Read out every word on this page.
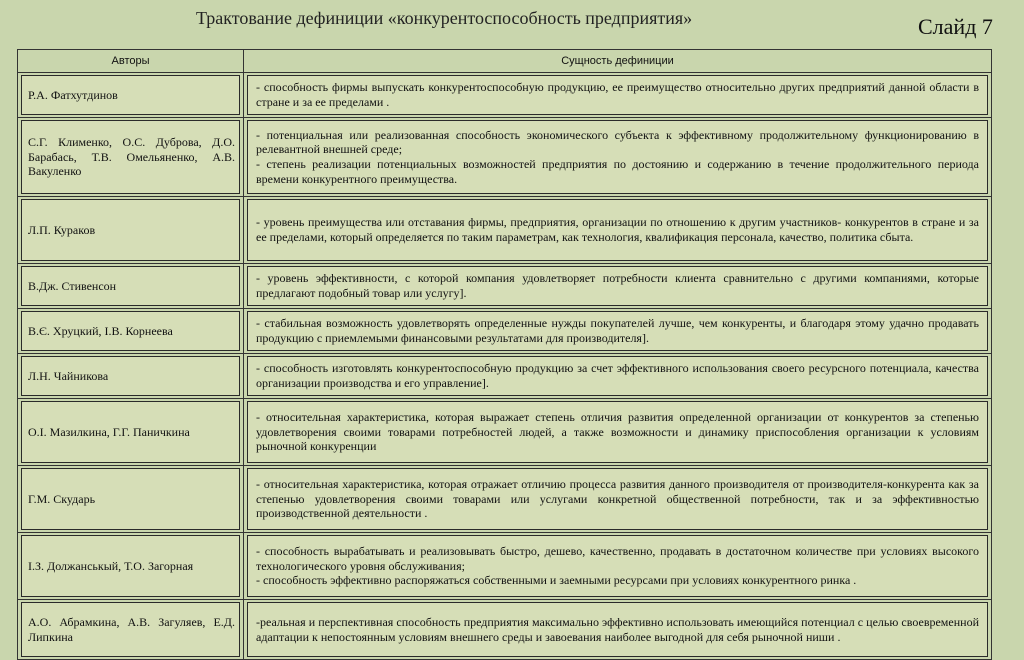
Трактование дефиниции «конкурентоспособность предприятия»	Слайд 7
Авторы	Сущность дефиниции

Р.А. Фатхутдинов	- способность фирмы выпускать конкурентоспособную продукцию, ее преимущество относительно других предприятий данной области в стране и за ее пределами .

С.Г. Клименко, О.С. Дуброва, Д.О. Барабась, Т.В. Омельяненко, А.В. Вакуленко	- потенциальная или реализованная способность экономического субъекта к эффективному продолжительному функционированию в релевантной внешней среде;
- степень реализации потенциальных возможностей предприятия по достоянию и содержанию в течение продолжительного периода времени конкурентного преимущества.

Л.П. Кураков	- уровень преимущества или отставания фирмы, предприятия, организации по отношению к другим участников- конкурентов в стране и за ее пределами, который определяется по таким параметрам, как технология, квалификация персонала, качество, политика сбыта.

В.Дж. Стивенсон	- уровень эффективности, с которой компания удовлетворяет потребности клиента сравнительно с другими компаниями, которые предлагают подобный товар или услугу].

В.Є. Хруцкий, І.В. Корнеева	- стабильная возможность удовлетворять определенные нужды покупателей лучше, чем конкуренты, и благодаря этому удачно продавать продукцию с приемлемыми финансовыми результатами для производителя].

Л.Н. Чайникова	- способность изготовлять конкурентоспособную продукцию за счет эффективного использования своего ресурсного потенциала, качества организации производства и его управление].

О.І. Мазилкина, Г.Г. Паничкина	- относительная характеристика, которая выражает степень отличия развития определенной организации от конкурентов за степенью удовлетворения своими товарами потребностей людей, а также возможности и динамику приспособления организации к условиям рыночной конкуренции

Г.М. Скударь	- относительная характеристика, которая отражает отличию процесса развития данного производителя от производителя-конкурента как за степенью удовлетворения своими товарами или услугами конкретной общественной потребности, так и за эффективностью производственной деятельности .

І.З. Должанськый, Т.О. Загорная	- способность вырабатывать и реализовывать быстро, дешево, качественно, продавать в достаточном количестве при условиях высокого технологического уровня обслуживания;
- способность эффективно распоряжаться собственными и заемными ресурсами при условиях конкурентного ринка .

А.О. Абрамкина, А.В. Загуляев, Е.Д. Липкина	-реальная и перспективная способность предприятия максимально эффективно использовать имеющийся потенциал с целью своевременной адаптации к непостоянным условиям внешнего среды и завоевания наиболее выгодной для себя рыночной ниши .
